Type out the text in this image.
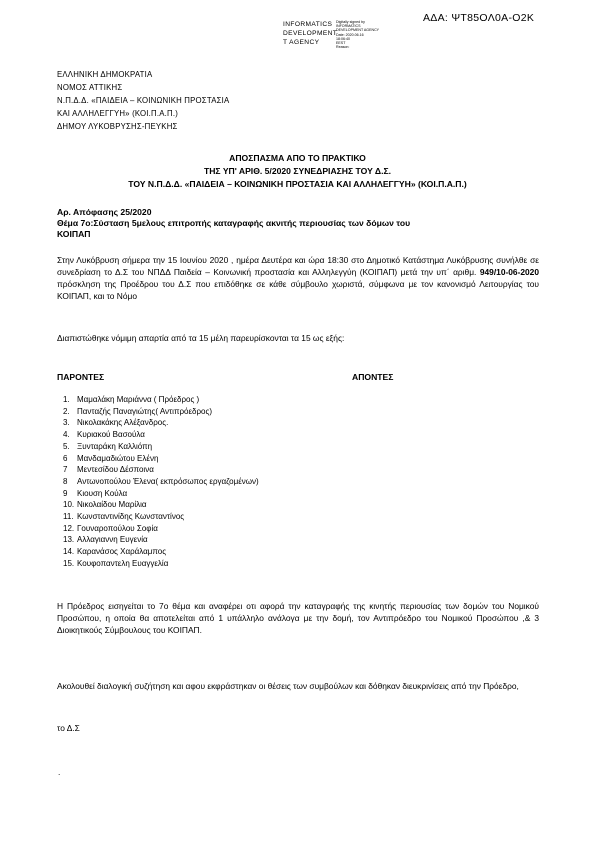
ΑΔΑ: ΨΤ85ΟΛ0Α-Ο2Κ
INFORMATICS
DEVELOPMENT
T AGENCY
Digitally signed by
INFORMATICS
DEVELOPMENT AGENCY
Date: 2020.06.16
18:06:40
EEST
Reason:
ΕΛΛΗΝΙΚΗ ΔΗΜΟΚΡΑΤΙΑ
ΝΟΜΟΣ ΑΤΤΙΚΗΣ
Ν.Π.Δ.Δ. «ΠΑΙΔΕΙΑ – ΚΟΙΝΩΝΙΚΗ ΠΡΟΣΤΑΣΙΑ
ΚΑΙ ΑΛΛΗΛΕΓΓΥΗ» (ΚΟΙ.Π.Α.Π.)
ΔΗΜΟΥ ΛΥΚΟΒΡΥΣΗΣ-ΠΕΥΚΗΣ
ΑΠΟΣΠΑΣΜΑ ΑΠΟ ΤΟ ΠΡΑΚΤΙΚΟ
ΤΗΣ ΥΠ' ΑΡΙΘ. 5/2020 ΣΥΝΕΔΡΙΑΣΗΣ ΤΟΥ Δ.Σ.
ΤΟΥ Ν.Π.Δ.Δ. «ΠΑΙΔΕΙΑ – ΚΟΙΝΩΝΙΚΗ ΠΡΟΣΤΑΣΙΑ ΚΑΙ ΑΛΛΗΛΕΓΓΥΗ» (ΚΟΙ.Π.Α.Π.)
Αρ. Απόφασης 25/2020
Θέμα 7ο:Σύσταση 5μελους επιτροπής καταγραφής ακνιτής περιουσίας των δόμων του
ΚΟΙΠΑΠ
Στην Λυκόβρυση σήμερα την 15 Ιουνίου 2020 , ημέρα Δευτέρα και ώρα 18:30 στο Δημοτικό Κατάστημα Λυκόβρυσης συνήλθε σε συνεδρίαση το Δ.Σ του ΝΠΔΔ Παιδεία – Κοινωνική προστασία και Αλληλεγγύη (ΚΟΙΠΑΠ) μετά την υπ΄ αριθμ. 949/10-06-2020 πρόσκληση της Προέδρου του Δ.Σ που επιδόθηκε σε κάθε σύμβουλο χωριστά, σύμφωνα με τον κανονισμό Λειτουργίας του ΚΟΙΠΑΠ, και το Νόμο
Διαπιστώθηκε νόμιμη απαρτία από τα 15 μέλη παρευρίσκονται τα 15 ως εξής:
ΠΑΡΟΝΤΕΣ	ΑΠΟΝΤΕΣ
1. Μαμαλάκη Μαριάννα ( Πρόεδρος )
2. Πανταζής Παναγιώτης( Αντιπρόεδρος)
3. Νικολακάκης Αλέξανδρος.
4. Κυριακού Βασούλα
5. Ξυνταράκη Καλλιόπη
6	Μανδαμαδιώτου Ελένη
7	Μεντεσίδου Δέσποινα
8	Αντωνοπούλου Έλενα( εκπρόσωπος εργαζομένων)
9	Κιουση Κούλα
10. Νικολαίδου Μαρίλια
11. Κωνσταντινίδης Κωνσταντίνος
12. Γουναροπούλου Σοφία
13. Αλλαγιαννη Ευγενία
14. Καρανάσος Χαράλαμπος
15. Κουφοπαντελη Ευαγγελία
Η Πρόεδρος εισηγείται το 7ο θέμα και αναφέρει οτι αφορά την καταγραφής της κινητής περιουσίας των δομών του Νομικού Προσώπου, η οποία θα αποτελείται από 1 υπάλληλο ανάλογα με την δομή, τον Αντιπρόεδρο του Νομικού Προσώπου ,& 3 Διοικητικούς Σύμβουλους του ΚΟΙΠΑΠ.
Ακολουθεί διαλογική συζήτηση και αφου εκφράστηκαν οι θέσεις των συμβούλων και δόθηκαν διευκρινίσεις από την Πρόεδρο,
το Δ.Σ
.
